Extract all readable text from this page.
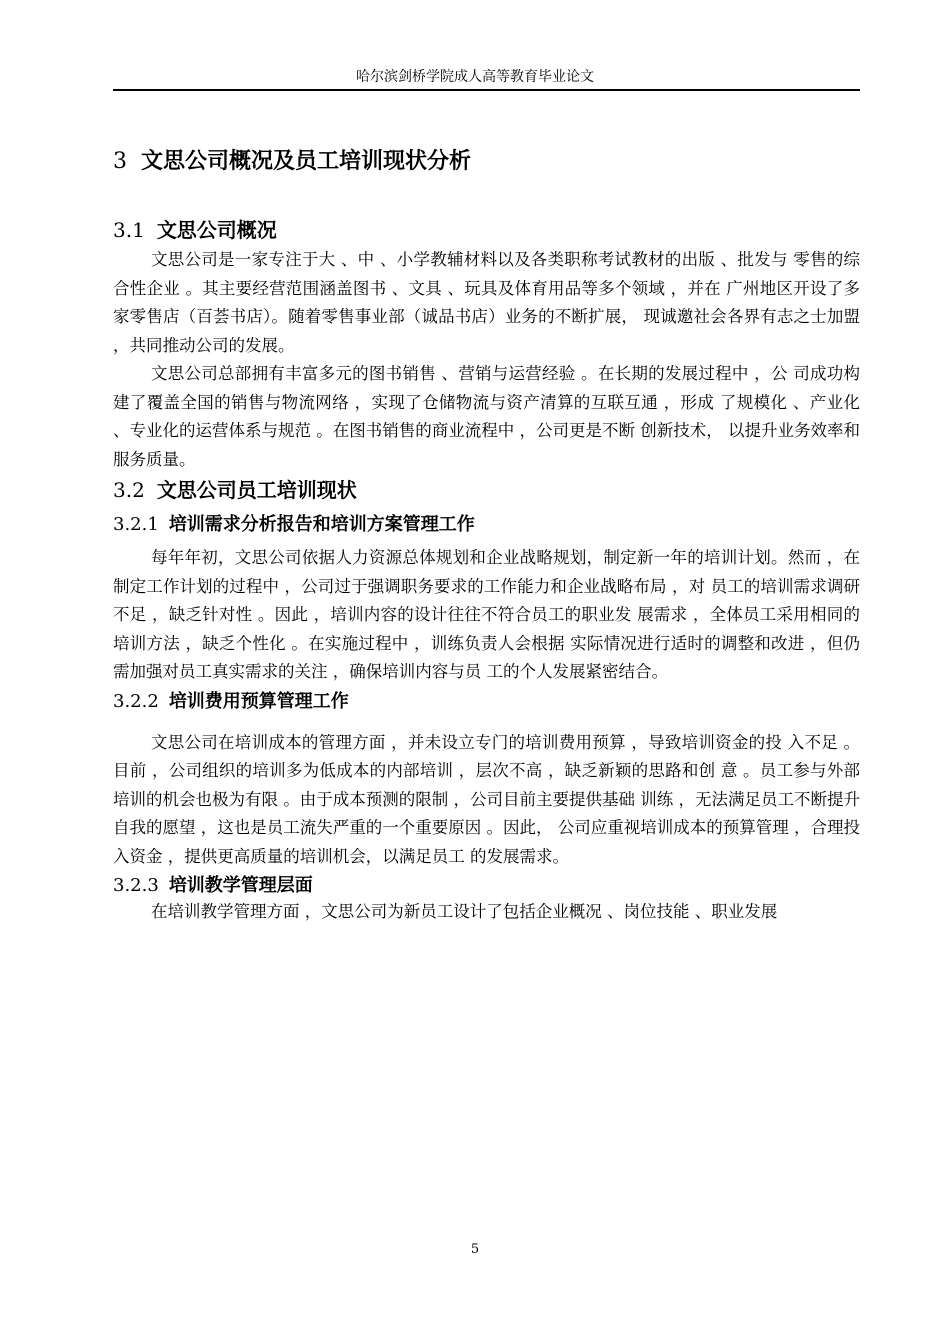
哈尔滨剑桥学院成人高等教育毕业论文
3 文思公司概况及员工培训现状分析
3.1 文思公司概况

文思公司是一家专注于大 、中 、小学教辅材料以及各类职称考试教材的出版 、批发与 零售的综合性企业 。其主要经营范围涵盖图书 、文具 、玩具及体育用品等多个领域 ，并在 广州地区开设了多家零售店（百荟书店）。随着零售事业部（诚品书店）业务的不断扩展， 现诚邀社会各界有志之士加盟 ，共同推动公司的发展。

文思公司总部拥有丰富多元的图书销售 、营销与运营经验 。在长期的发展过程中 ，公 司成功构建了覆盖全国的销售与物流网络 ，实现了仓储物流与资产清算的互联互通 ，形成 了规模化 、产业化 、专业化的运营体系与规范 。在图书销售的商业流程中 ，公司更是不断 创新技术， 以提升业务效率和服务质量。

3.2 文思公司员工培训现状
3.2.1 培训需求分析报告和培训方案管理工作

每年年初，文思公司依据人力资源总体规划和企业战略规划，制定新一年的培训计划。然而 ，在制定工作计划的过程中 ，公司过于强调职务要求的工作能力和企业战略布局 ，对 员工的培训需求调研不足 ，缺乏针对性 。因此 ，培训内容的设计往往不符合员工的职业发 展需求 ，全体员工采用相同的培训方法 ，缺乏个性化 。在实施过程中 ，训练负责人会根据 实际情况进行适时的调整和改进 ，但仍需加强对员工真实需求的关注 ，确保培训内容与员 工的个人发展紧密结合。

3.2.2 培训费用预算管理工作

文思公司在培训成本的管理方面 ，并未设立专门的培训费用预算 ，导致培训资金的投 入不足 。目前 ，公司组织的培训多为低成本的内部培训 ，层次不高 ，缺乏新颖的思路和创 意 。员工参与外部培训的机会也极为有限 。由于成本预测的限制 ，公司目前主要提供基础 训练 ，无法满足员工不断提升自我的愿望 ，这也是员工流失严重的一个重要原因 。因此， 公司应重视培训成本的预算管理 ，合理投入资金 ，提供更高质量的培训机会，以满足员工 的发展需求。

3.2.3 培训教学管理层面

在培训教学管理方面 ，文思公司为新员工设计了包括企业概况 、岗位技能 、职业发展

5
